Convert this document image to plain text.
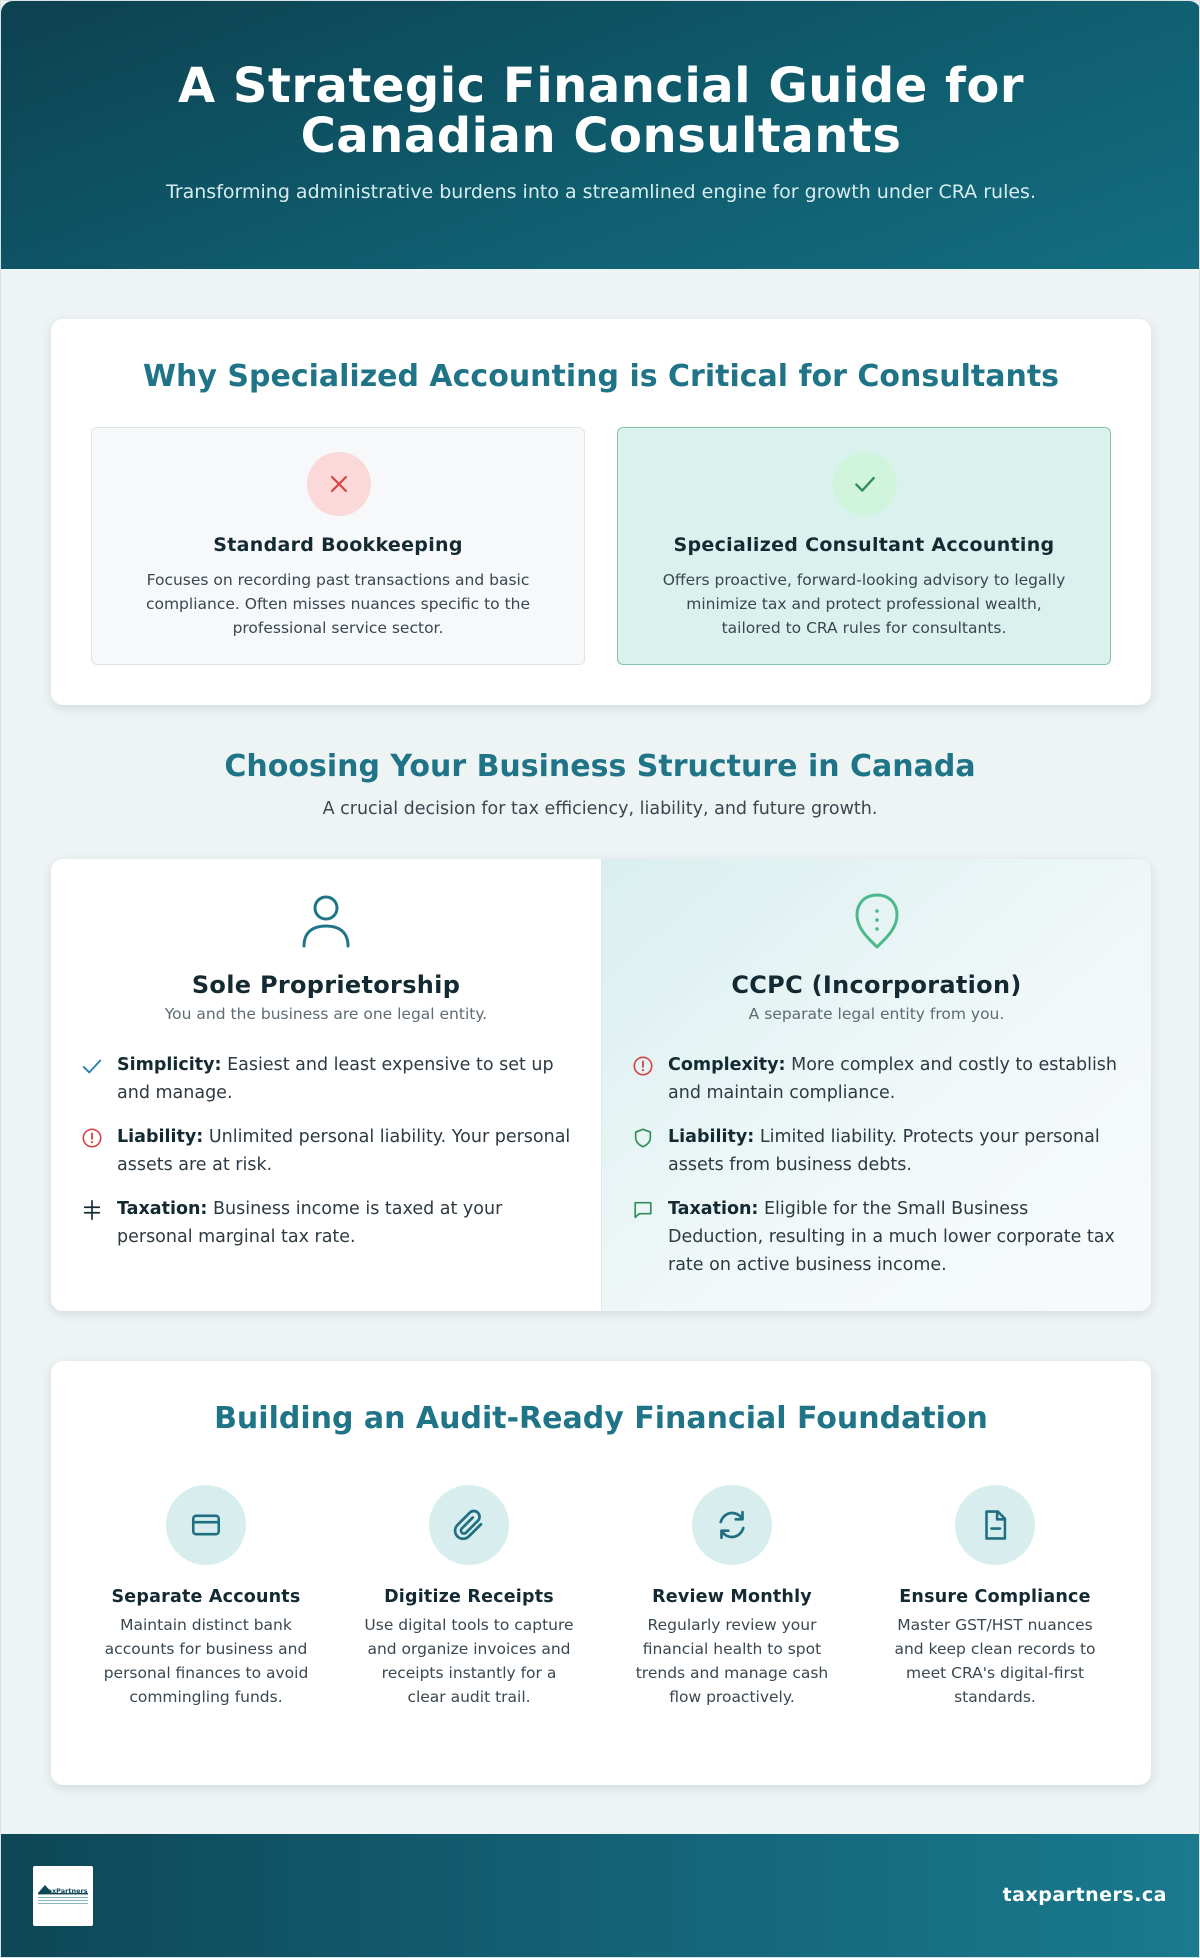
A Strategic Financial Guide for
Canadian Consultants

Transforming administrative burdens into a streamlined engine for growth under CRA rules.

Why Specialized Accounting is Critical for Consultants
Standard Bookkeeping

Focuses on recording past transactions and basic compliance. Often misses nuances specific to the professional service sector.

Specialized Consultant Accounting

Offers proactive, forward-looking advisory to legally minimize tax and protect professional wealth, tailored to CRA rules for consultants.

Choosing Your Business Structure in Canada
A crucial decision for tax efficiency, liability, and future growth.
Sole Proprietorship
You and the business are one legal entity.
Simplicity: Easiest and least expensive to set up and manage.
Liability: Unlimited personal liability. Your personal assets are at risk.
Taxation: Business income is taxed at your personal marginal tax rate.
CCPC (Incorporation)
A separate legal entity from you.
Complexity: More complex and costly to establish and maintain compliance.
Liability: Limited liability. Protects your personal assets from business debts.
Taxation: Eligible for the Small Business Deduction, resulting in a much lower corporate tax rate on active business income.
Building an Audit-Ready Financial Foundation
Separate Accounts

Maintain distinct bank accounts for business and personal finances to avoid commingling funds.

Digitize Receipts

Use digital tools to capture and organize invoices and receipts instantly for a clear audit trail.

Review Monthly

Regularly review your financial health to spot trends and manage cash flow proactively.

Ensure Compliance

Master GST/HST nuances and keep clean records to meet CRA's digital-first standards.

TaxPartners	taxpartners.ca
